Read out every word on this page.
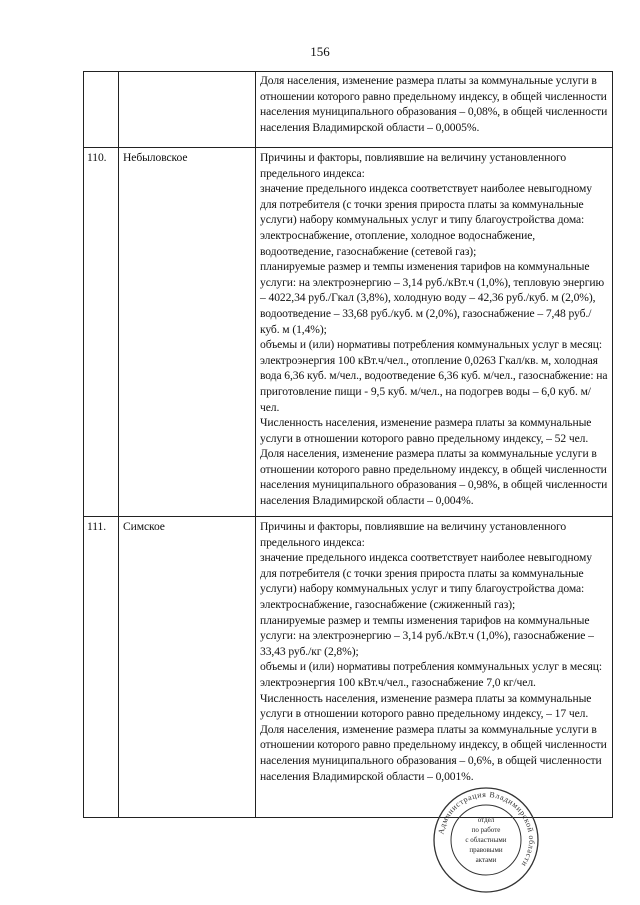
156
Доля населения, изменение размера платы за коммунальные услуги в отношении которого равно предельному индексу, в общей численности населения муниципального образования – 0,08%, в общей численности населения Владимирской области – 0,0005%.
110. Небыловское	Причины и факторы, повлиявшие на величину установленного предельного индекса:
значение предельного индекса соответствует наиболее невыгодному для потребителя (с точки зрения прироста платы за коммунальные услуги) набору коммунальных услуг и типу благоустройства дома: электроснабжение, отопление, холодное водоснабжение, водоотведение, газоснабжение (сетевой газ);
планируемые размер и темпы изменения тарифов на коммунальные услуги: на электроэнергию – 3,14 руб./кВт.ч (1,0%), тепловую энергию – 4022,34 руб./Гкал (3,8%), холодную воду – 42,36 руб./куб. м (2,0%), водоотведение – 33,68 руб./куб. м (2,0%), газоснабжение – 7,48 руб./куб. м (1,4%);
объемы и (или) нормативы потребления коммунальных услуг в месяц: электроэнергия 100 кВт.ч/чел., отопление 0,0263 Гкал/кв. м, холодная вода 6,36 куб. м/чел., водоотведение 6,36 куб. м/чел., газоснабжение: на приготовление пищи - 9,5 куб. м/чел., на подогрев воды – 6,0 куб. м/чел.
Численность населения, изменение размера платы за коммунальные услуги в отношении которого равно предельному индексу, – 52 чел.
Доля населения, изменение размера платы за коммунальные услуги в отношении которого равно предельному индексу, в общей численности населения муниципального образования – 0,98%, в общей численности населения Владимирской области – 0,004%.
111. Симское	Причины и факторы, повлиявшие на величину установленного предельного индекса:
значение предельного индекса соответствует наиболее невыгодному для потребителя (с точки зрения прироста платы за коммунальные услуги) набору коммунальных услуг и типу благоустройства дома: электроснабжение, газоснабжение (сжиженный газ);
планируемые размер и темпы изменения тарифов на коммунальные услуги: на электроэнергию – 3,14 руб./кВт.ч (1,0%), газоснабжение – 33,43 руб./кг (2,8%);
объемы и (или) нормативы потребления коммунальных услуг в месяц: электроэнергия 100 кВт.ч/чел., газоснабжение 7,0 кг/чел.
Численность населения, изменение размера платы за коммунальные услуги в отношении которого равно предельному индексу, – 17 чел.
Доля населения, изменение размера платы за коммунальные услуги в отношении которого равно предельному индексу, в общей численности населения муниципального образования – 0,6%, в общей численности населения Владимирской области – 0,001%.
Администрация Владимирской области
отдел
по работе
с областными
правовыми
актами
